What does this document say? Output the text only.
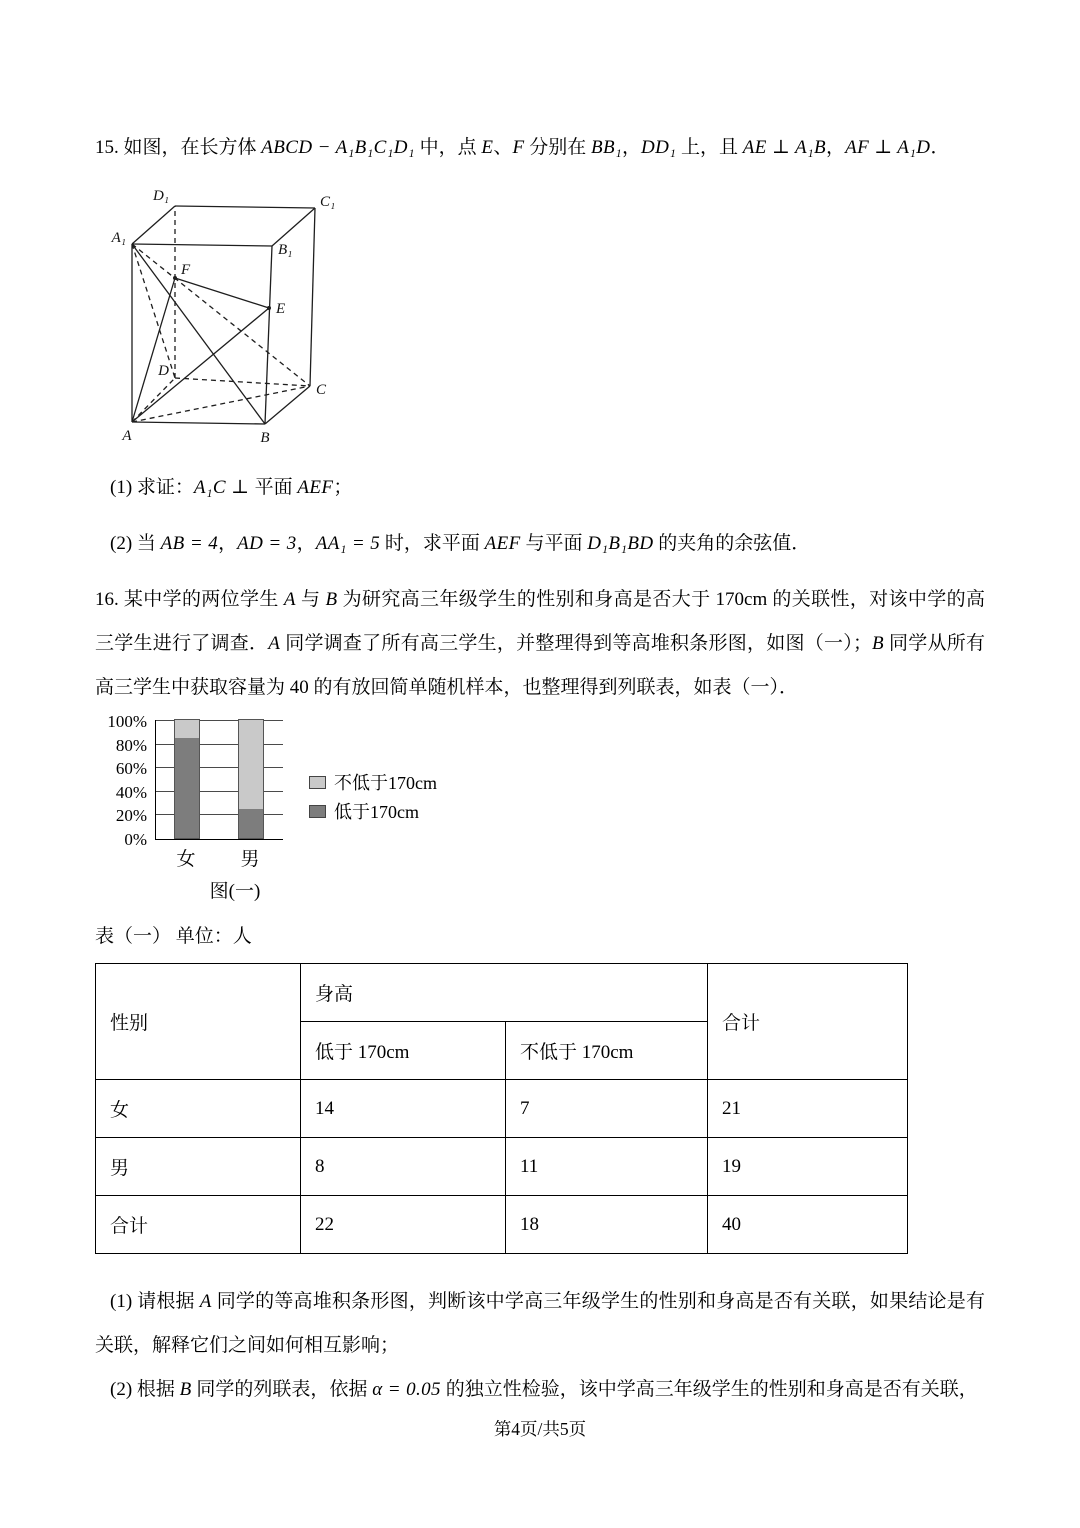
15. 如图，在长方体 ABCD − A₁B₁C₁D₁ 中，点 E、F 分别在 BB₁，DD₁ 上，且 AE ⊥ A₁B，AF ⊥ A₁D．

D₁	C₁
A₁
B₁
F
E
D
C
A	B

(1) 求证：A₁C ⊥ 平面 AEF；

(2) 当 AB = 4，AD = 3，AA₁ = 5 时，求平面 AEF 与平面 D₁B₁BD 的夹角的余弦值．

16. 某中学的两位学生 A 与 B 为研究高三年级学生的性别和身高是否大于 170cm 的关联性，对该中学的高三学生进行了调查．A 同学调查了所有高三学生，并整理得到等高堆积条形图，如图（一）；B 同学从所有高三学生中获取容量为 40 的有放回简单随机样本，也整理得到列联表，如表（一）．

0%
20%
40%
60%
80%
100%
不低于170cm
低于170cm
女 男
图(一)

表（一） 单位：人

性别	身高		合计
	低于 170cm	不低于 170cm	
女	14	7	21
男	8	11	19
合计	22	18	40

(1) 请根据 A 同学的等高堆积条形图，判断该中学高三年级学生的性别和身高是否有关联，如果结论是有关联，解释它们之间如何相互影响；

(2) 根据 B 同学的列联表，依据 α = 0.05 的独立性检验，该中学高三年级学生的性别和身高是否有关联，

第4页/共5页
